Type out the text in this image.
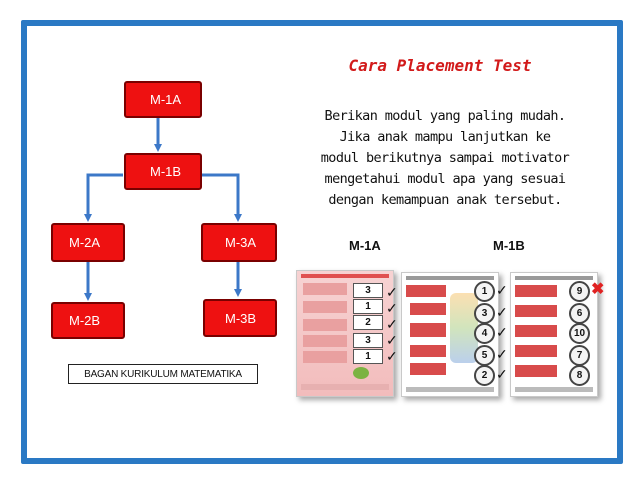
M-1A
M-1B
M-2A	M-3A
M-2B	M-3B
BAGAN KURIKULUM MATEMATIKA
Cara Placement Test
Berikan modul yang paling mudah.
Jika anak mampu lanjutkan ke
modul berikutnya sampai motivator
mengetahui modul apa yang sesuai
dengan kemampuan anak tersebut.
M-1A	M-1B
3
1
2
3
1
✓
✓
✓
✓
✓
1
3
4
5
2
✓
✓
✓
✓
✓
9
6
10
7
8
✖
